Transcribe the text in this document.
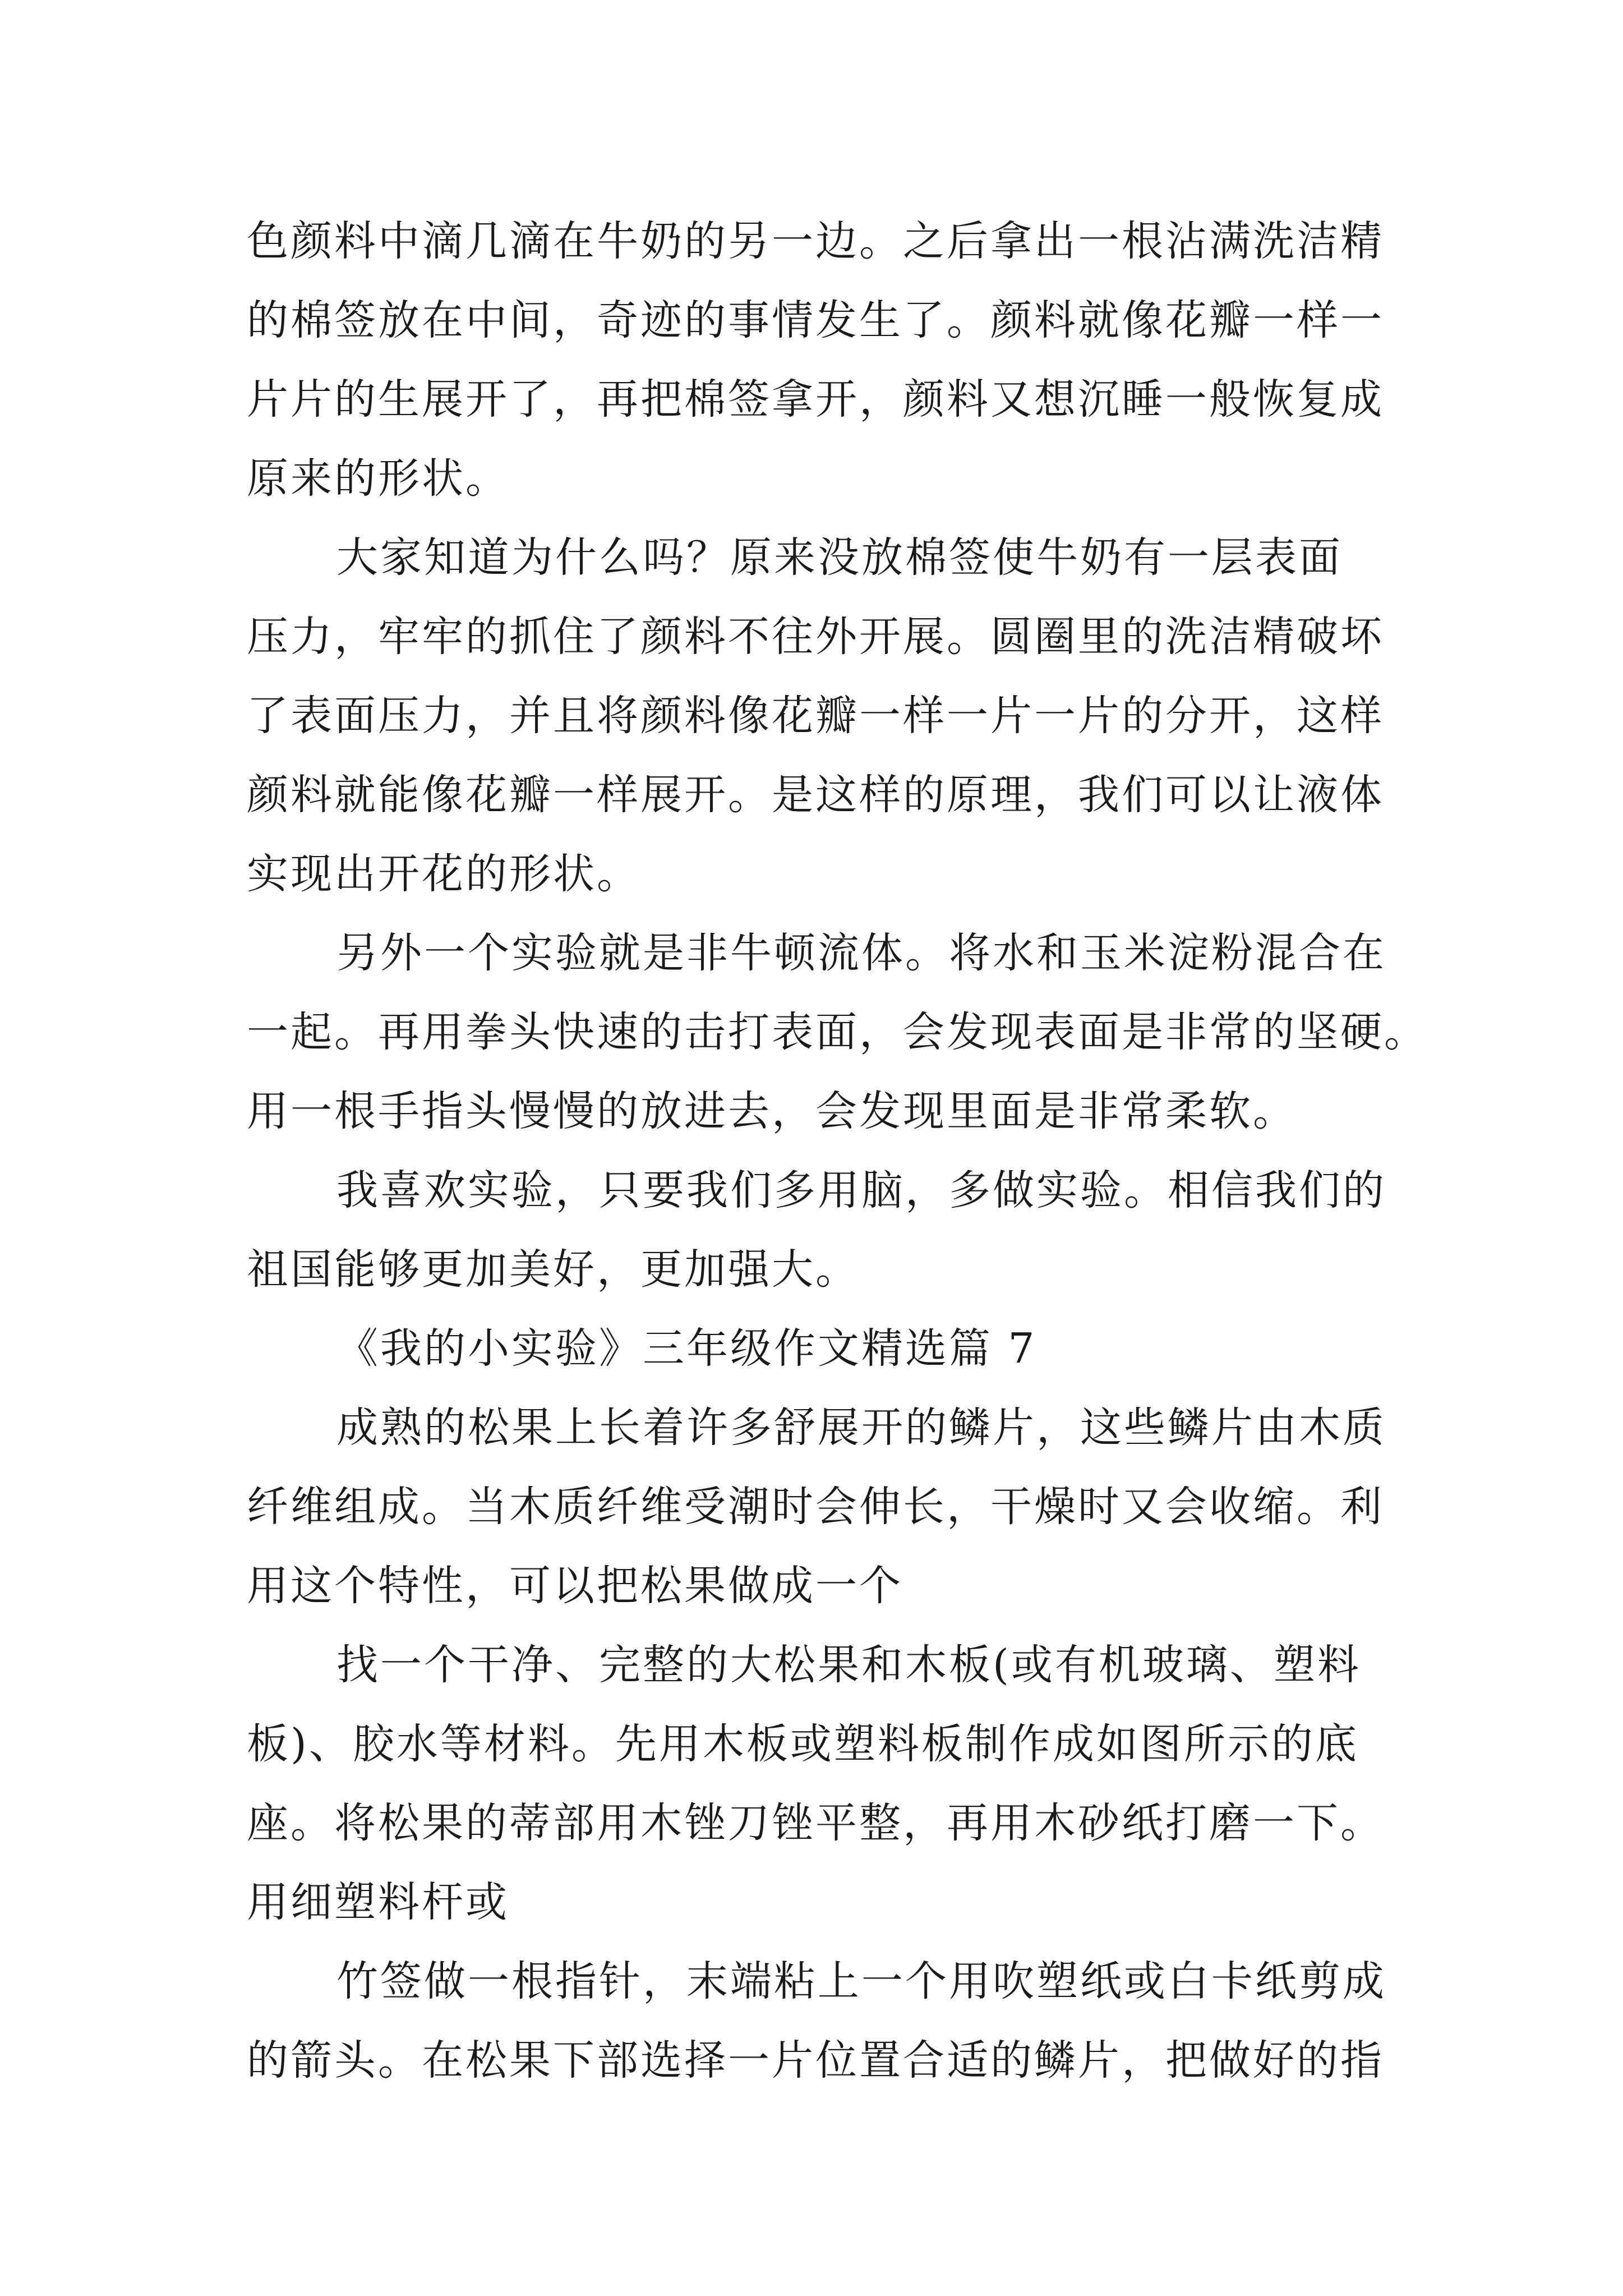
色颜料中滴几滴在牛奶的另一边。之后拿出一根沾满洗洁精
的棉签放在中间，奇迹的事情发生了。颜料就像花瓣一样一
片片的生展开了，再把棉签拿开，颜料又想沉睡一般恢复成
原来的形状。
大家知道为什么吗？原来没放棉签使牛奶有一层表面
压力，牢牢的抓住了颜料不往外开展。圆圈里的洗洁精破坏
了表面压力，并且将颜料像花瓣一样一片一片的分开，这样
颜料就能像花瓣一样展开。是这样的原理，我们可以让液体
实现出开花的形状。
另外一个实验就是非牛顿流体。将水和玉米淀粉混合在
一起。再用拳头快速的击打表面，会发现表面是非常的坚硬。
用一根手指头慢慢的放进去，会发现里面是非常柔软。
我喜欢实验，只要我们多用脑，多做实验。相信我们的
祖国能够更加美好，更加强大。
《我的小实验》三年级作文精选篇 7
成熟的松果上长着许多舒展开的鳞片，这些鳞片由木质
纤维组成。当木质纤维受潮时会伸长，干燥时又会收缩。利
用这个特性，可以把松果做成一个
找一个干净、完整的大松果和木板(或有机玻璃、塑料
板)、胶水等材料。先用木板或塑料板制作成如图所示的底
座。将松果的蒂部用木锉刀锉平整，再用木砂纸打磨一下。
用细塑料杆或
竹签做一根指针，末端粘上一个用吹塑纸或白卡纸剪成
的箭头。在松果下部选择一片位置合适的鳞片，把做好的指
